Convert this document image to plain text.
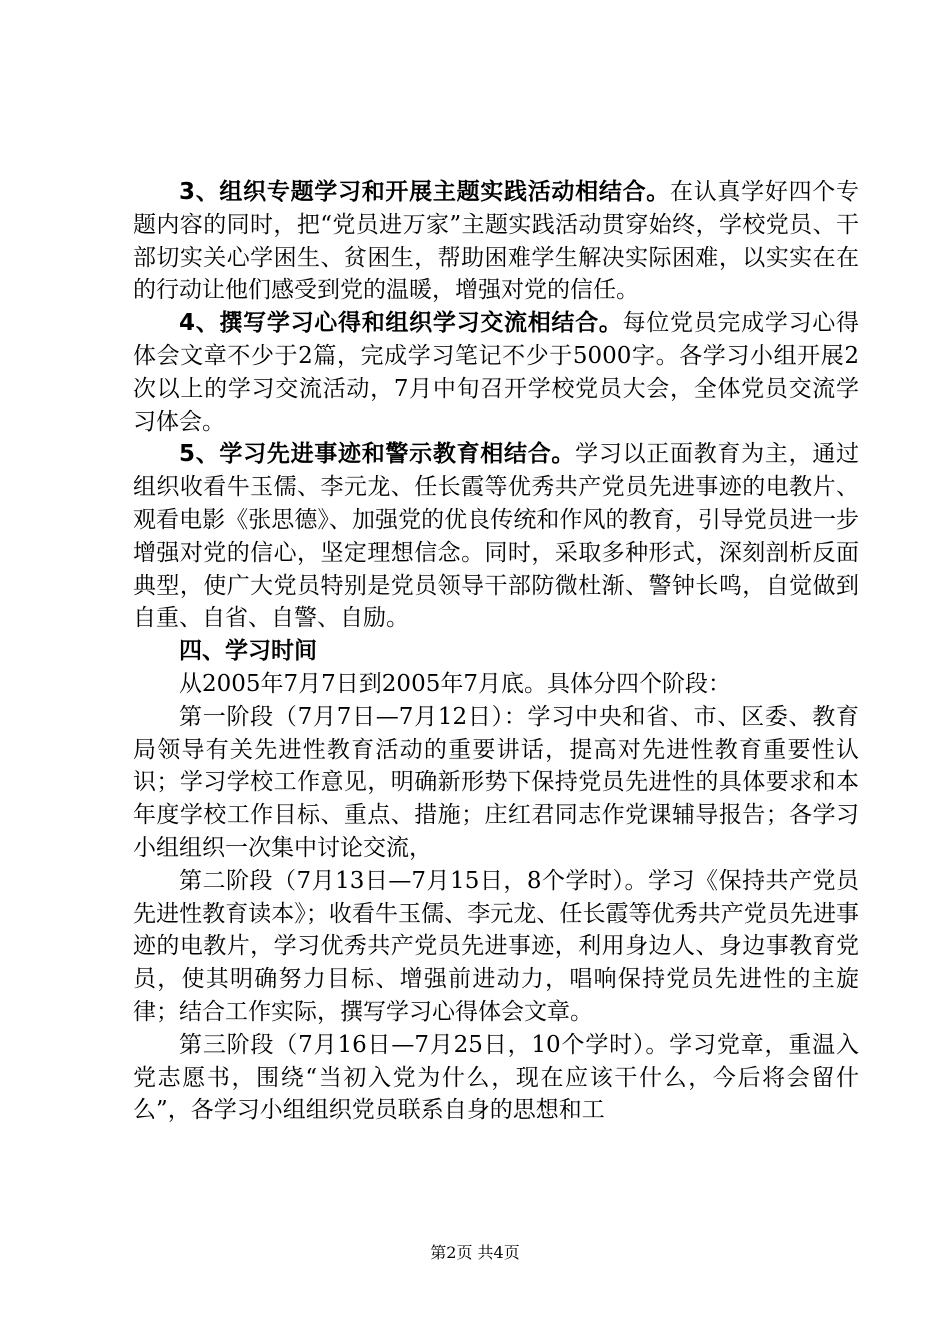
3、组织专题学习和开展主题实践活动相结合。在认真学好四个专题内容的同时，把“党员进万家”主题实践活动贯穿始终，学校党员、干部切实关心学困生、贫困生，帮助困难学生解决实际困难，以实实在在的行动让他们感受到党的温暖，增强对党的信任。

4、撰写学习心得和组织学习交流相结合。每位党员完成学习心得体会文章不少于2篇，完成学习笔记不少于5000字。各学习小组开展2次以上的学习交流活动，7月中旬召开学校党员大会，全体党员交流学习体会。

5、学习先进事迹和警示教育相结合。学习以正面教育为主，通过组织收看牛玉儒、李元龙、任长霞等优秀共产党员先进事迹的电教片、观看电影《张思德》、加强党的优良传统和作风的教育，引导党员进一步增强对党的信心，坚定理想信念。同时，采取多种形式，深刻剖析反面典型，使广大党员特别是党员领导干部防微杜渐、警钟长鸣，自觉做到自重、自省、自警、自励。

四、学习时间

从2005年7月7日到2005年7月底。具体分四个阶段：

第一阶段（7月7日—7月12日）：学习中央和省、市、区委、教育局领导有关先进性教育活动的重要讲话，提高对先进性教育重要性认识；学习学校工作意见，明确新形势下保持党员先进性的具体要求和本年度学校工作目标、重点、措施；庄红君同志作党课辅导报告；各学习小组组织一次集中讨论交流，

第二阶段（7月13日—7月15日，8个学时）。学习《保持共产党员先进性教育读本》；收看牛玉儒、李元龙、任长霞等优秀共产党员先进事迹的电教片，学习优秀共产党员先进事迹，利用身边人、身边事教育党员，使其明确努力目标、增强前进动力，唱响保持党员先进性的主旋律；结合工作实际，撰写学习心得体会文章。

第三阶段（7月16日—7月25日，10个学时）。学习党章，重温入党志愿书，围绕“当初入党为什么，现在应该干什么，今后将会留什么”，各学习小组组织党员联系自身的思想和工

第2页 共4页
